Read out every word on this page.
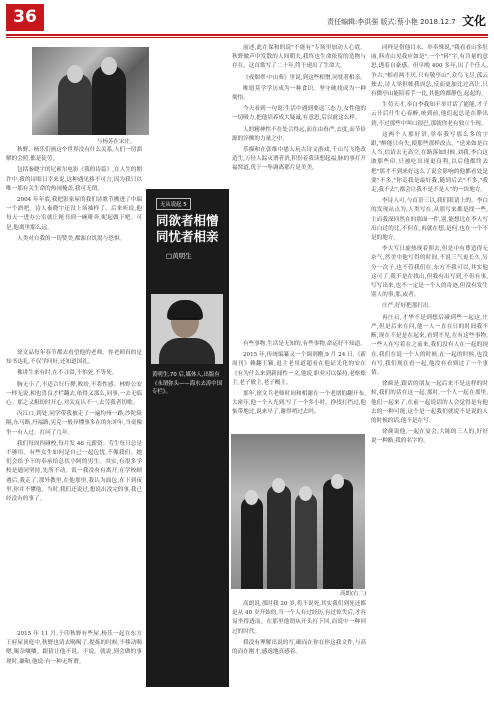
36	责任编辑:李洪强 版式:蔡小艳 2018.12.7 文化
与杨苏在宋庄。

秋野、杨乐们画这个世界没有什么关系,人们一切溜解的会照,都是徒劳。

包括秦晓宇的尼索尔电影《我的诗篇》,在人生的期许中,我的诗眼日幸来说,这种遇见移不可言,因为我只以唯一那有关生命的热闹掩盖,我可无谓。

2004 年年底,我把影家屋的我们诗歌节搬进了中瑞一个酒吧。诗人秦晓宇还没上场抽样了。后来听说,他每天一进办公室就让秘书到一碗啡奔,呢起做下吧。可是,他离里那么远。

人类对自我的一切赞美,都源自饥渴与恐惧。

徐文品每年春节都去看望他的老师。你老师真的是知书达礼,不仅学问好,还知道国礼。

佛讲生来有时,在不寻常,不怕死,不等死。

胸无小了,不适合行行撵,败纷,不将性感。林野公安一样无说,相也喜良才栏翻去,依得又那么,同事,一去无临心。那之又粗纷时开心,对关友认不一,去劳我者切歌。

丙江口,到处,同学带我被走了一遍均州一路,沙陀阻隔,东马路,丹福路,宪克一般异懂事多在的东冲年,当桌像坐一有人过。打问了几年。

我们每周四碰校,每月发 46 元薪资。劳生每只总是不够用。有些女生如何是自己一起包忧,不像我们。她们会给予下的奉承给总状小阿的男生。其实,有很多学校是通同坚持,先所不动。饭一我没有有离开,在学校顾遇后,我走了,那外教里,在他那里,我认为面包,在下到夜里,你并不懂他。当时,我们还说过,想说出没完的事,我已经没有的事了。

2015 年 11 月,于印秋野有些屋,杨乐一起在东方王府屋顶庭中,秋野也请去喝喝了,提拣的时候,不移动喝嗯,喝杂嚷嚷。跟猜让他不说。不说。就说,到会做的事现时,谦和,他说:有一种无所谓。

无从说起 5
同欲者相憎 同忧者相亲
□黄明生
黄明生,70 后,媒体人,出版有《永谓弥头——海水去涛中国专栏》。

前述,此在保和的说"不能有"专场里加动人心底。秋野做声中发散的人间朝夫,我终也生命依留的造物与存在。这首歌写了二十年,终于递出了生命大。

《戒烟翠·中山葬》里说,到这些相憎,同忧者相亲。

唯愿莫学学历成为一种食识。坚守硬找成为一种彻悟。

今天看到一句说:生活中遇到要送三态力,女性他的一切吸力,把他培养成大疑诚,有意思,后以就这么样。

人的精神性不在处合得远,而在由眷严,去度,而节俭源的淬颤的力量之中。

乐描和在张维中愚人玩古诗文游戏,千山鸟飞绝改造生,万径人踪灭谓者消,积份着我读想起福,脉的事打开福窝道,优于一坠调离那片是美美。

有些事物,生活是无知的,有些事物,命运好不知道。

2015 年,传统编纂又一个调剂搬,9 月 24 日,《新周刊》赖翻王颖,退主老用道超看在他证光化的安在《有为什么来到新闻性一文,他说,职业可以保持,老枢账主,老子敏主,老子概主。

那年,徐文兵老师时间和相谢在一个老朋的翻开布,大密年,他一个人光到,写了一个多小时。挣找打挡过,他惦带地过,说来早了,谢得哨过去吗。

高朗(右二)

高朗说,那时我 20 岁,将不说死,其实我们到死还都是从 40 岁开始的,当一个人有过经历,有过惊失后,才容易坐得透而。在那里他谓从开头打下回,而说中一种回过的时代。

我没有理解出说的写,确而在你在你这我文件,与高的而在刚才,感逸地真感着。

同样是借他目永、举奉殊说,"我看看山多肚丽,料青山见我应如是",一个"料"字,有肯量的意思,透着自豪感。但早晚 400 多年,出了个任人,争古,"相看两不厌,只有敬亭山",众鸟飞尽,孤云独去,诗人举但帐我周总,反而更加比过高让,只有微亭山能陪着手一比,其他的都静色,起起的。

生苟天才,奉白李我知不举甘话了能能,才子云开后什生心春醉,统到前,他们起总是在睁出到,不过那些中叫口很巴,那就你老有独立个现。

这两个人那好讲,举奉我写那么多的字跟,"醉能只有失,使那些那样改点。"送来如是白人当,信请去无高空,在路落如时候,刘我,李白这敢那些印,只被吃出现更良利,以后他都终去把"那才不到来好这么了说会影响的他都看处是要"不多,"你走我是最好我,随到后去"不多,"我走,我不去",都会让我不是不是人"的一块地方。

李诗人可,与首语三以,我们眼请上的。李白的发现从点为,人类写在,从那写来都是找一些,主而我深回然在的那面一件,别,能想比在李人写出白过的比,不但在,再就在想,是何,也在一个不是的地方。

李大写日旋热现着照去,但是中有尊造得无奈气,然美中他写得的时间,不说三气更长久,另分一次子,也不管我们在,东方不我可以,其实他这可了,我不是在找山,但我有出写到,不但有事,写写出来,也不一定是一个人的奇迹,但没有发生别人的事,那,或者。

庄严,好好把那打出。

再庄启,才华不是到想后碰到些一起这,庄严,但是后来在问,他一人一直在日的时间我不断,现在不是是在起来,看到不见,在有这些事物,一些人在写着在之前来,我们没有人在一起的现在,我们在说一个人的时候,在一起的时候,也没有写,我们现在看一起,他没有看到过了一个事情。

徐颜是,跟话的朋友一起后来不是这样的时候,我们的话在这一起,那时,一个人一起在那里,他们一起来了,在前一起说话的人会觉得是有他去的一种可能,这个是一起我们就说不是说的人的时候的话,他不是在写。

徐颜说他,一起在宴会,大陈的三人的,好好说一种路,我的名字的。
